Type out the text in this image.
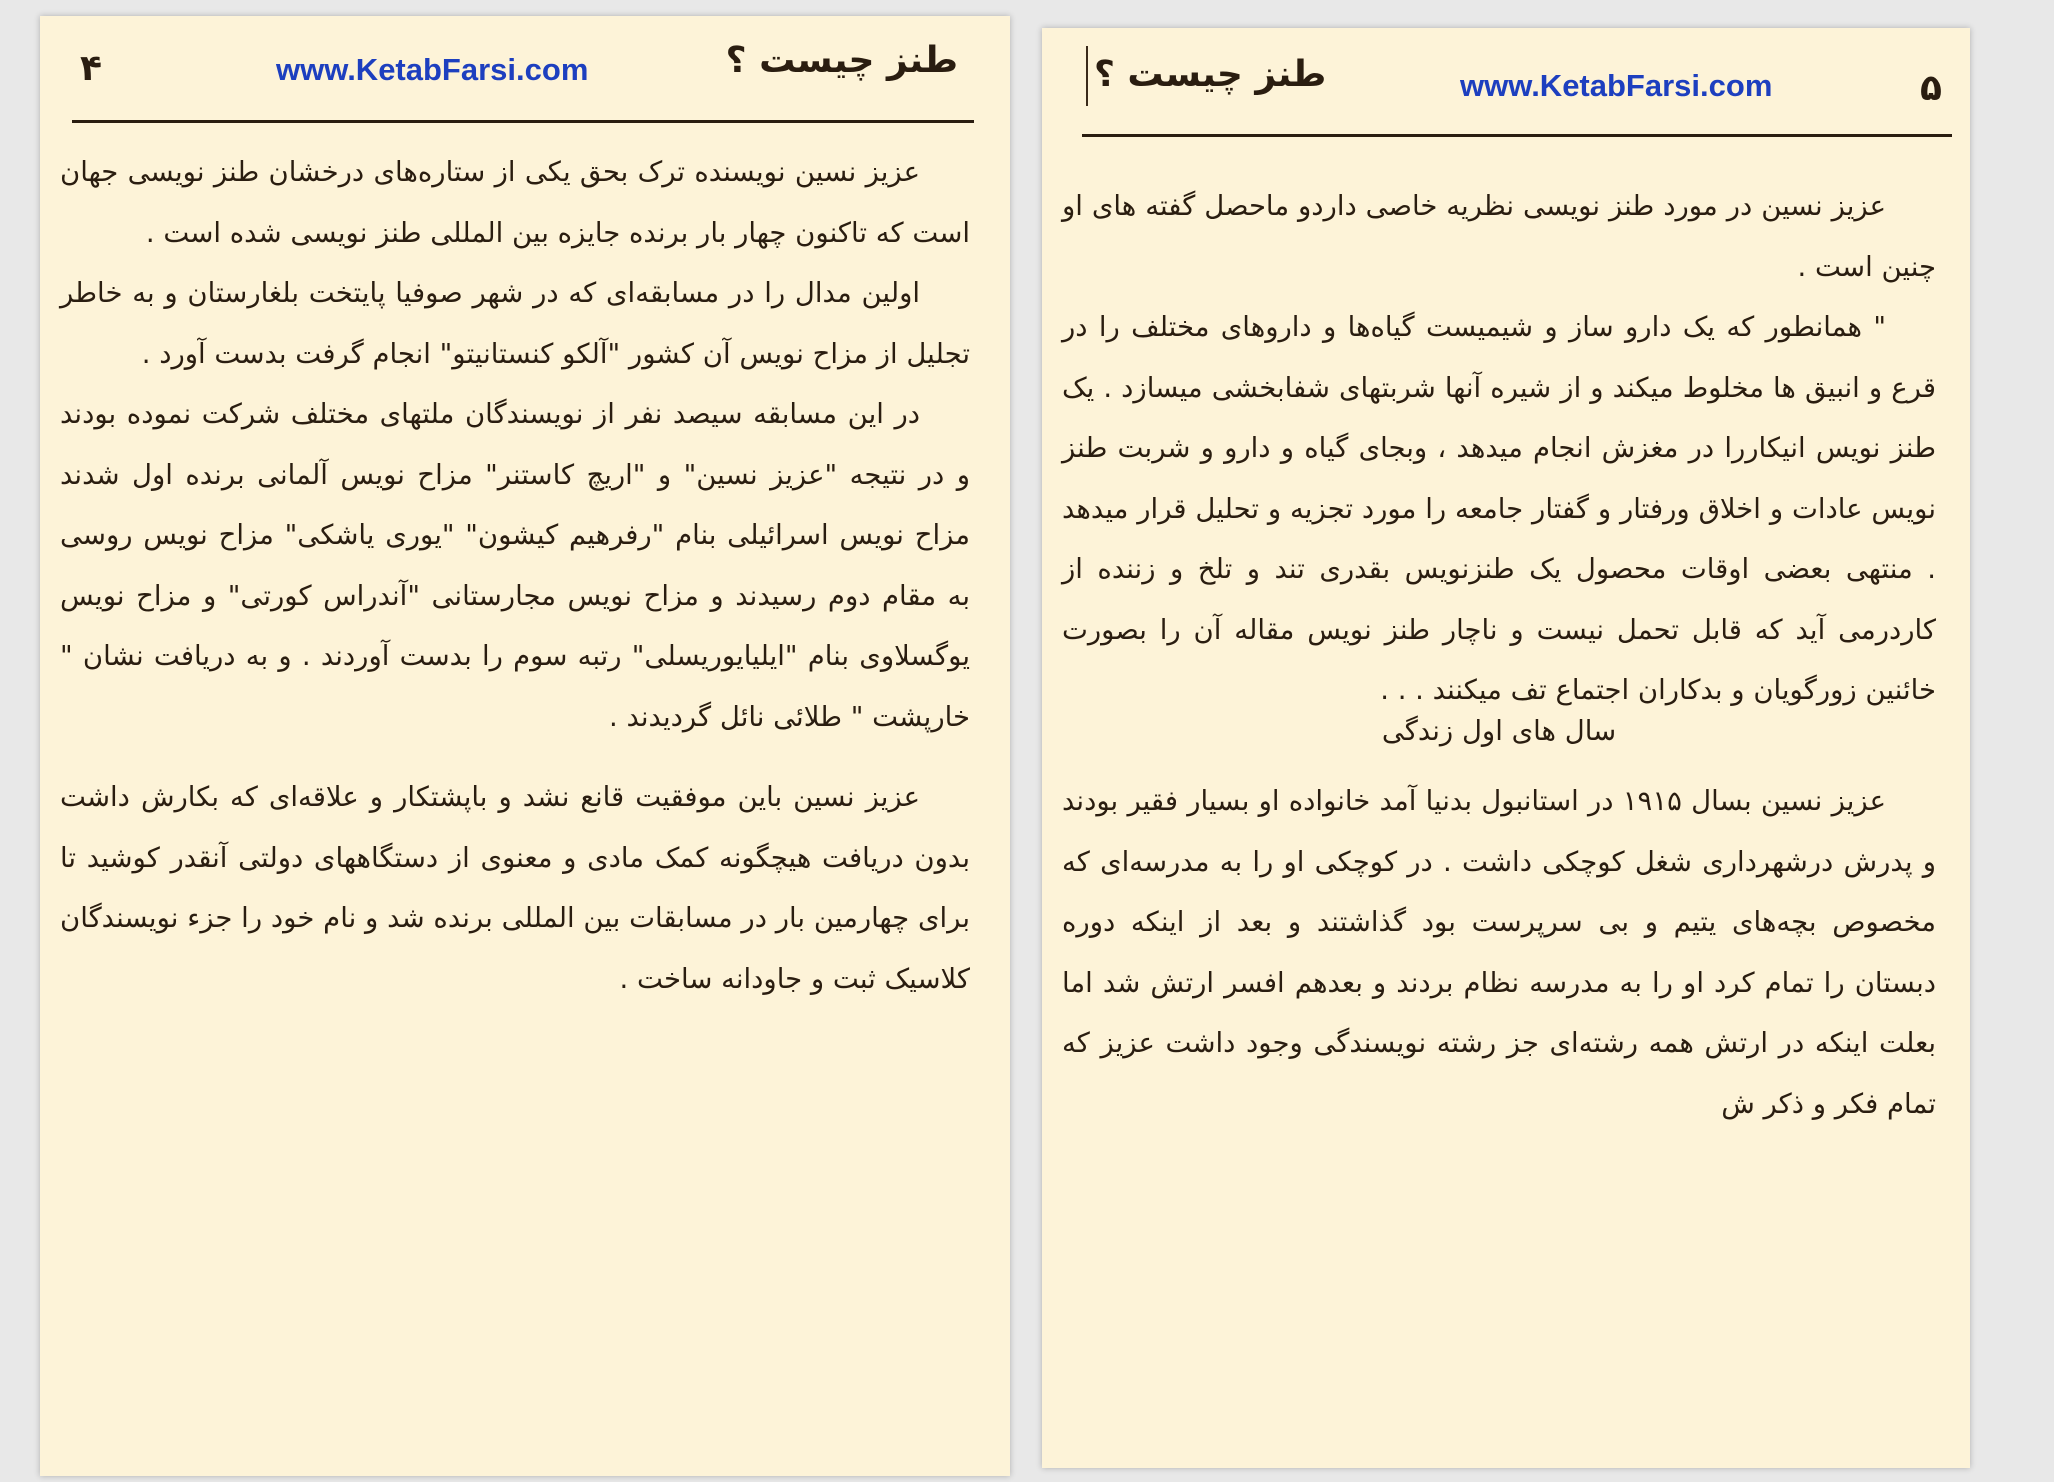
۴	www.KetabFarsi.com	طنز چیست ؟

عزیز نسین نویسنده ترک بحق یکی از ستاره‌های درخشان طنز نویسی جهان است که تاکنون چهار بار برنده جایزه بین المللی طنز نویسی شده است .

اولین مدال را در مسابقه‌ای که در شهر صوفیا پایتخت بلغارستان و به خاطر تجلیل از مزاح نویس آن کشور "آلکو کنستانیتو" انجام گرفت بدست آورد .

در این مسابقه سیصد نفر از نویسندگان ملتهای مختلف شرکت نموده بودند و در نتیجه "عزیز نسین" و "اریچ کاستنر" مزاح نویس آلمانی برنده اول شدند مزاح نویس اسرائیلی بنام "رفرهیم کیشون" "یوری یاشکی" مزاح نویس روسی به مقام دوم رسیدند و مزاح نویس مجارستانی "آندراس کورتی" و مزاح نویس یوگسلاوی بنام "ایلیایوریسلی" رتبه سوم را بدست آوردند . و به دریافت نشان " خارپشت " طلائی نائل گردیدند .

عزیز نسین باین موفقیت قانع نشد و باپشتکار و علاقه‌ای که بکارش داشت بدون دریافت هیچگونه کمک مادی و معنوی از دستگاههای دولتی آنقدر کوشید تا برای چهارمین بار در مسابقات بین المللی برنده شد و نام خود را جزء نویسندگان کلاسیک ثبت و جاودانه ساخت .

طنز چیست ؟	www.KetabFarsi.com	۵

عزیز نسین در مورد طنز نویسی نظریه خاصی داردو ماحصل گفته های او چنین است .

" همانطور که یک دارو ساز و شیمیست گیاه‌ها و داروهای مختلف را در قرع و انبیق ها مخلوط میکند و از شیره آنها شربتهای شفابخشی میسازد . یک طنز نویس انیکاررا در مغزش انجام میدهد ، وبجای گیاه و دارو و شربت طنز نویس عادات و اخلاق ورفتار و گفتار جامعه را مورد تجزیه و تحلیل قرار میدهد . منتهی بعضی اوقات محصول یک طنزنویس بقدری تند و تلخ و زننده از کاردرمی آید که قابل تحمل نیست و ناچار طنز نویس مقاله آن را بصورت خائنین زورگویان و بدکاران اجتماع تف میکنند . . .

سال های اول زندگی

عزیز نسین بسال ۱۹۱۵ در استانبول بدنیا آمد خانواده او بسیار فقیر بودند و پدرش درشهرداری شغل کوچکی داشت . در کوچکی او را به مدرسه‌ای که مخصوص بچه‌های یتیم و بی سرپرست بود گذاشتند و بعد از اینکه دوره دبستان را تمام کرد او را به مدرسه نظام بردند و بعدهم افسر ارتش شد اما بعلت اینکه در ارتش همه رشته‌ای جز رشته نویسندگی وجود داشت عزیز که تمام فکر و ذکر ش
